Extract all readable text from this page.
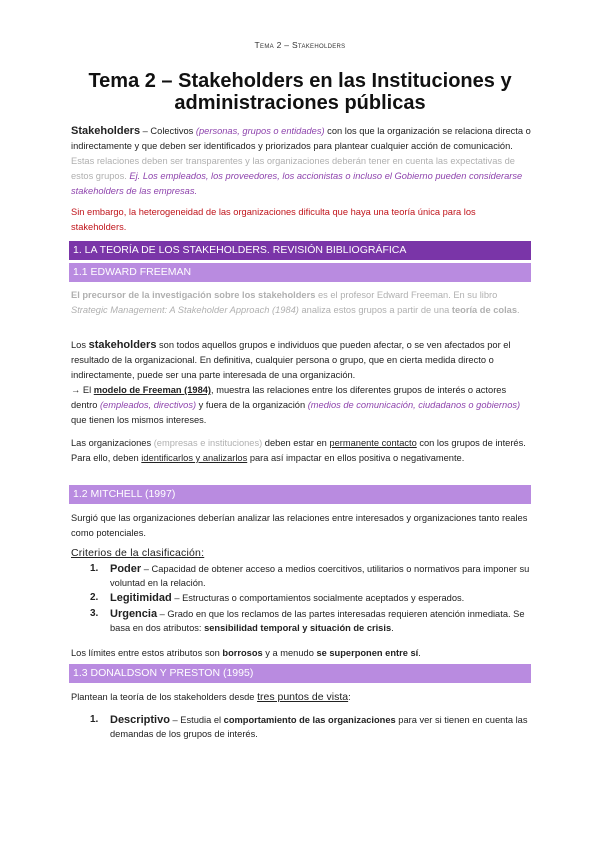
Tema 2 – Stakeholders
Tema 2 – Stakeholders en las Instituciones y administraciones públicas
Stakeholders – Colectivos (personas, grupos o entidades) con los que la organización se relaciona directa o indirectamente y que deben ser identificados y priorizados para plantear cualquier acción de comunicación. Estas relaciones deben ser transparentes y las organizaciones deberán tener en cuenta las expectativas de estos grupos. Ej. Los empleados, los proveedores, los accionistas o incluso el Gobierno pueden considerarse stakeholders de las empresas.
Sin embargo, la heterogeneidad de las organizaciones dificulta que haya una teoría única para los stakeholders.
1. LA TEORÍA DE LOS STAKEHOLDERS. REVISIÓN BIBLIOGRÁFICA
1.1 EDWARD FREEMAN
El precursor de la investigación sobre los stakeholders es el profesor Edward Freeman. En su libro Strategic Management: A Stakeholder Approach (1984) analiza estos grupos a partir de una teoría de colas.
Los stakeholders son todos aquellos grupos e individuos que pueden afectar, o se ven afectados por el resultado de la organizacional. En definitiva, cualquier persona o grupo, que en cierta medida directo o indirectamente, puede ser una parte interesada de una organización.
→ El modelo de Freeman (1984), muestra las relaciones entre los diferentes grupos de interés o actores dentro (empleados, directivos) y fuera de la organización (medios de comunicación, ciudadanos o gobiernos) que tienen los mismos intereses.
Las organizaciones (empresas e instituciones) deben estar en permanente contacto con los grupos de interés. Para ello, deben identificarlos y analizarlos para así impactar en ellos positiva o negativamente.
1.2 MITCHELL (1997)
Surgió que las organizaciones deberían analizar las relaciones entre interesados y organizaciones tanto reales como potenciales.
Criterios de la clasificación:
1. Poder – Capacidad de obtener acceso a medios coercitivos, utilitarios o normativos para imponer su voluntad en la relación.
2. Legitimidad – Estructuras o comportamientos socialmente aceptados y esperados.
3. Urgencia – Grado en que los reclamos de las partes interesadas requieren atención inmediata. Se basa en dos atributos: sensibilidad temporal y situación de crisis.
Los límites entre estos atributos son borrosos y a menudo se superponen entre sí.
1.3 DONALDSON Y PRESTON (1995)
Plantean la teoría de los stakeholders desde tres puntos de vista:
1. Descriptivo – Estudia el comportamiento de las organizaciones para ver si tienen en cuenta las demandas de los grupos de interés.
